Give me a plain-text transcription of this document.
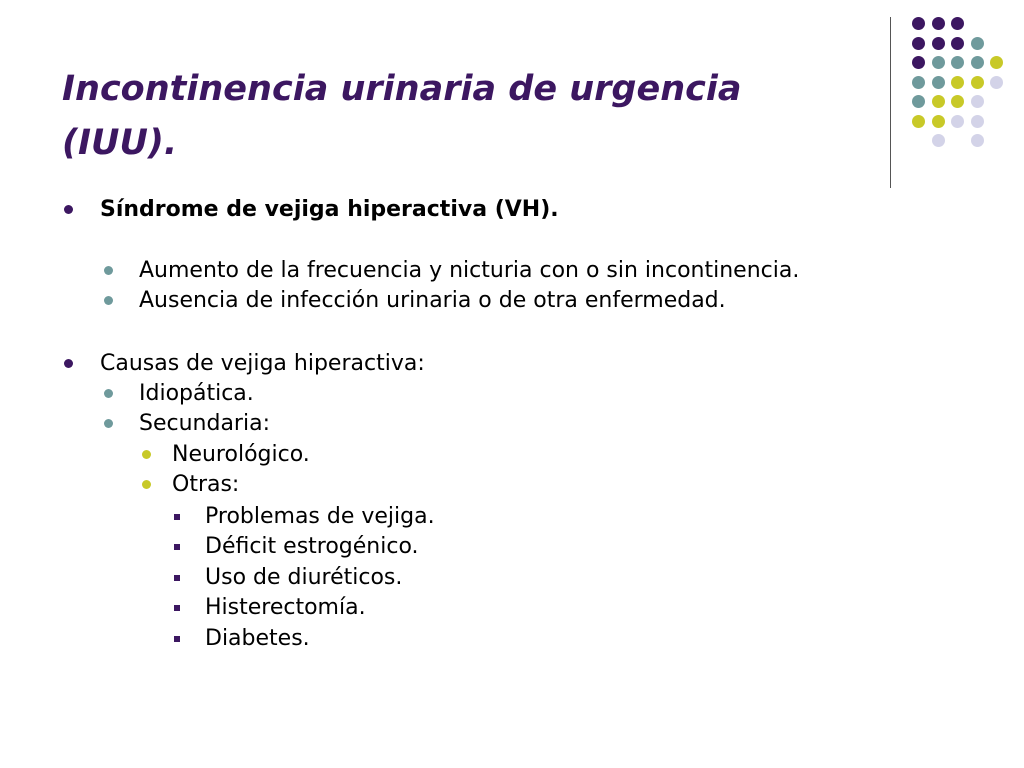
Incontinencia urinaria de urgencia (IUU).
Síndrome de vejiga hiperactiva (VH).
Aumento de la frecuencia y nicturia con o sin incontinencia.
Ausencia de infección urinaria o de otra enfermedad.
Causas de vejiga hiperactiva:
Idiopática.
Secundaria:
Neurológico.
Otras:
Problemas de vejiga.
Déficit estrogénico.
Uso de diuréticos.
Histerectomía.
Diabetes.
